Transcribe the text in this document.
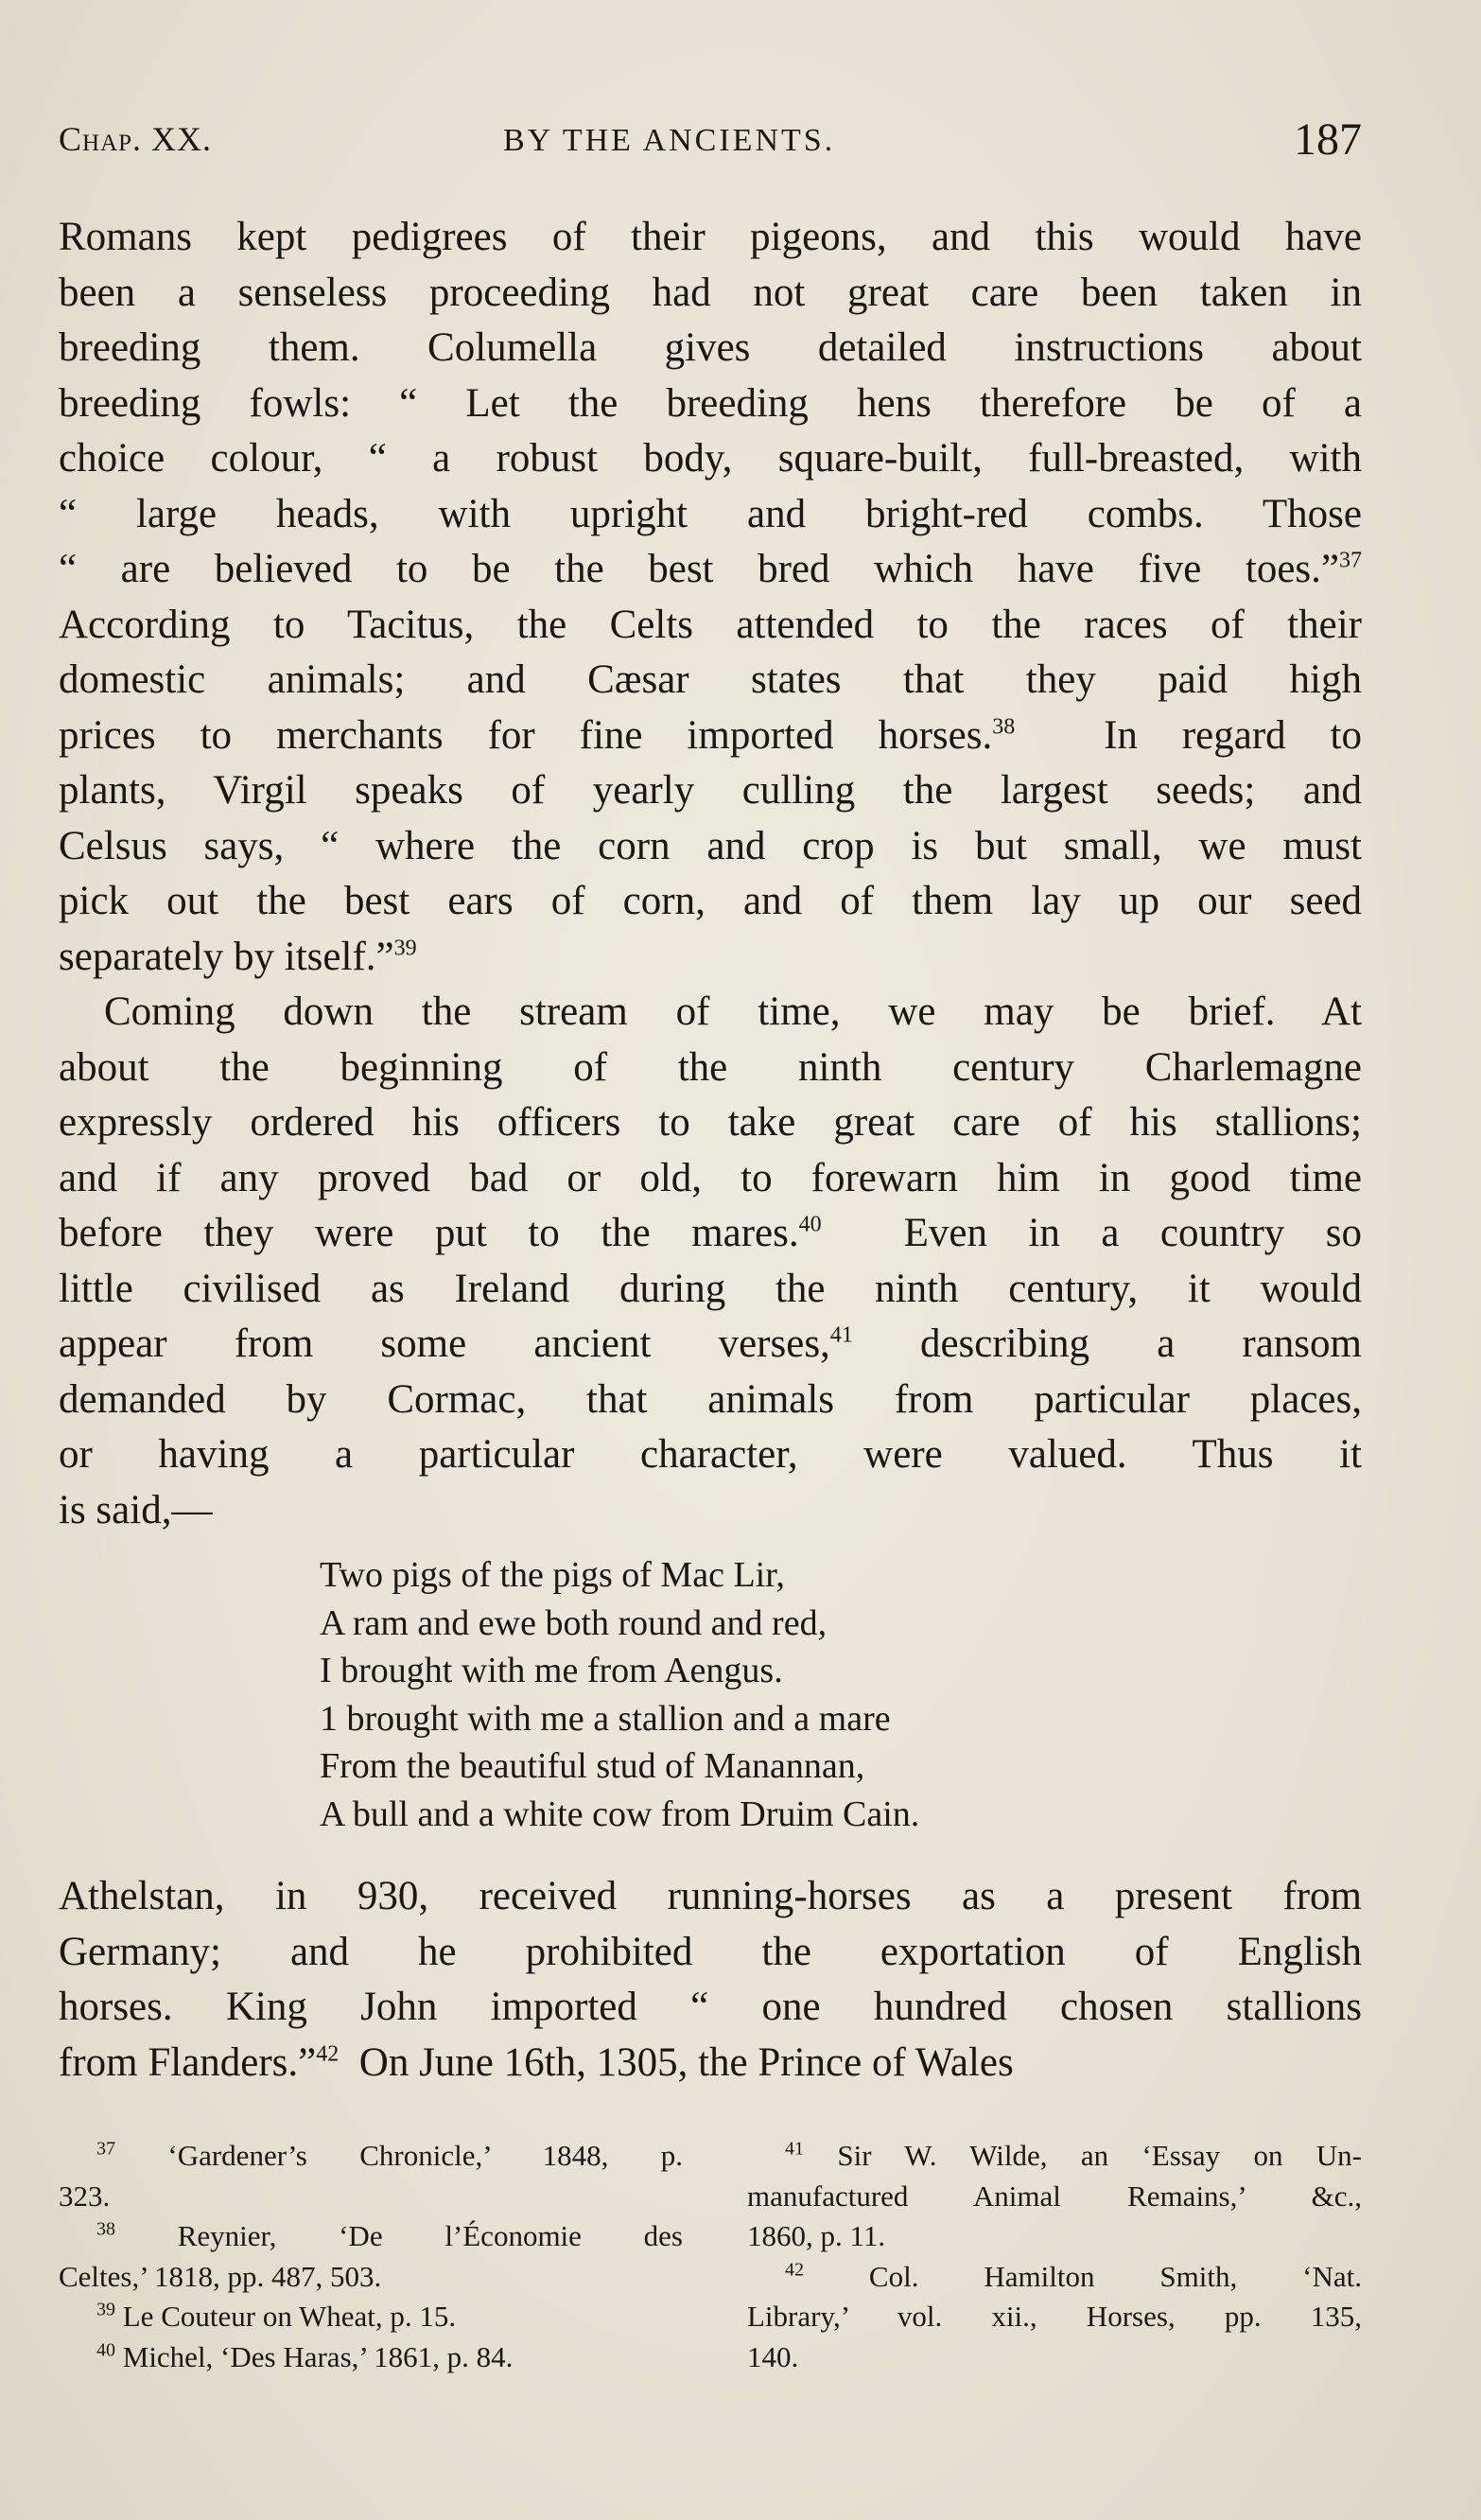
Chap. XX.	BY THE ANCIENTS.	187
Romans kept pedigrees of their pigeons, and this would have
been a senseless proceeding had not great care been taken in
breeding them. Columella gives detailed instructions about
breeding fowls: “ Let the breeding hens therefore be of a
choice colour, “ a robust body, square-built, full-breasted, with
“ large heads, with upright and bright-red combs. Those
“ are believed to be the best bred which have five toes.”$^{37}$
According to Tacitus, the Celts attended to the races of their
domestic animals; and Cæsar states that they paid high
prices to merchants for fine imported horses.$^{38}$  In regard to
plants, Virgil speaks of yearly culling the largest seeds; and
Celsus says, “ where the corn and crop is but small, we must
pick out the best ears of corn, and of them lay up our seed
separately by itself.”$^{39}$
Coming down the stream of time, we may be brief. At
about the beginning of the ninth century Charlemagne
expressly ordered his officers to take great care of his stallions;
and if any proved bad or old, to forewarn him in good time
before they were put to the mares.$^{40}$  Even in a country so
little civilised as Ireland during the ninth century, it would
appear from some ancient verses,$^{41}$ describing a ransom
demanded by Cormac, that animals from particular places,
or having a particular character, were valued. Thus it
is said,—
Two pigs of the pigs of Mac Lir,
A ram and ewe both round and red,
I brought with me from Aengus.
1 brought with me a stallion and a mare
From the beautiful stud of Manannan,
A bull and a white cow from Druim Cain.
Athelstan, in 930, received running-horses as a present from
Germany; and he prohibited the exportation of English
horses. King John imported “ one hundred chosen stallions
from Flanders.”$^{42}$  On June 16th, 1305, the Prince of Wales
$^{37}$ ‘Gardener’s Chronicle,’ 1848, p.
323.
$^{38}$ Reynier, ‘De l’Économie des
Celtes,’ 1818, pp. 487, 503.
$^{39}$ Le Couteur on Wheat, p. 15.
$^{40}$ Michel, ‘Des Haras,’ 1861, p. 84.
$^{41}$ Sir W. Wilde, an ‘Essay on Un-
manufactured Animal Remains,’ &c.,
1860, p. 11.
$^{42}$ Col. Hamilton Smith, ‘Nat.
Library,’ vol. xii., Horses, pp. 135,
140.
